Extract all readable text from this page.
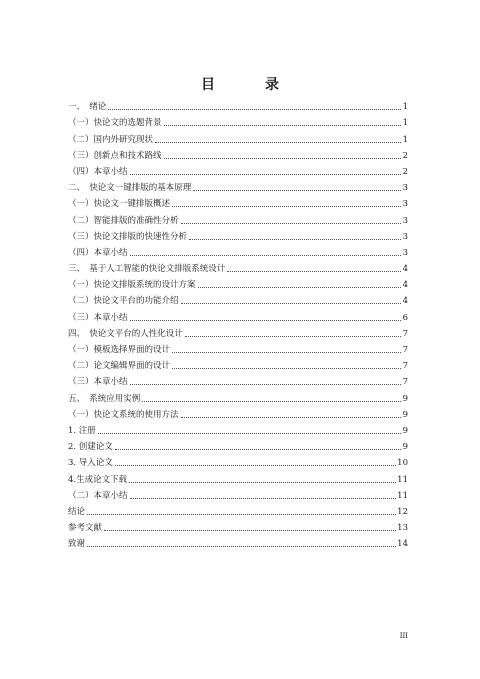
目　录
一、　绪论	1
（一）快论文的选题背景	1
（二）国内外研究现状	1
（三）创新点和技术路线	2
（四）本章小结	2
二、　快论文一键排版的基本原理	3
（一）快论文一键排版概述	3
（二）智能排版的准确性分析	3
（三）快论文排版的快速性分析	3
（四）本章小结	3
三、　基于人工智能的快论文排版系统设计	4
（一）快论文排版系统的设计方案	4
（二）快论文平台的功能介绍	4
（三）本章小结	6
四、　快论文平台的人性化设计	7
（一）模板选择界面的设计	7
（二）论文编辑界面的设计	7
（三）本章小结	7
五、　系统应用实例	9
（一）快论文系统的使用方法	9
1. 注册	9
2. 创建论文	9
3. 导入论文	10
4.生成论文下载	11
（二）本章小结	11
结论	12
参考文献	13
致谢	14
III
